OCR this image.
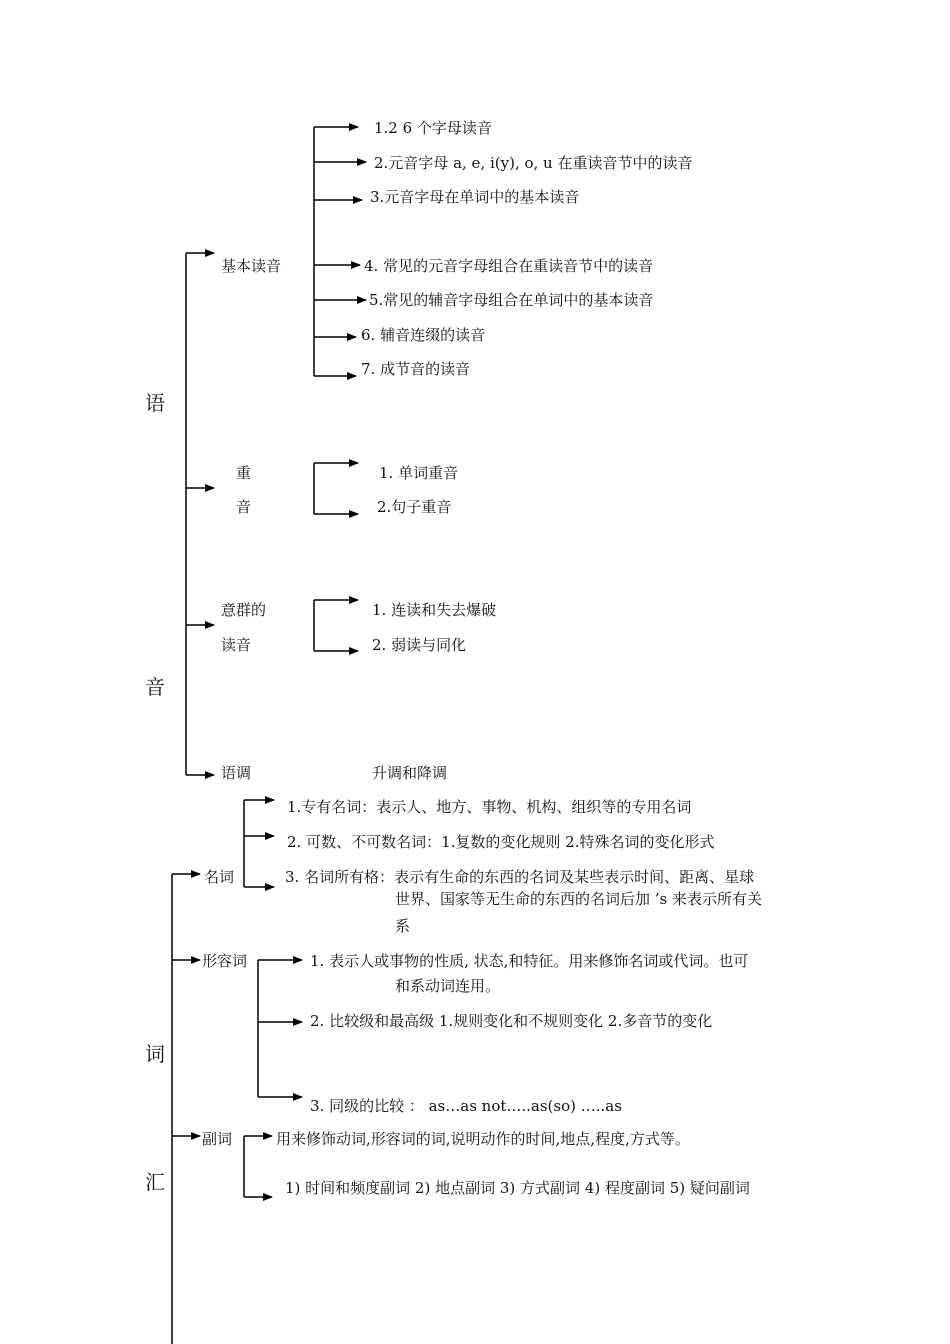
语
音
基本读音
1.2 6 个字母读音
2.元音字母 a, e, i(y), o, u 在重读音节中的读音
3.元音字母在单词中的基本读音
4. 常见的元音字母组合在重读音节中的读音
5.常见的辅音字母组合在单词中的基本读音
6. 辅音连缀的读音
7. 成节音的读音
重
音
1. 单词重音
2.句子重音
意群的
读音
1. 连读和失去爆破
2. 弱读与同化
语调	升调和降调
词
汇
名词
1.专有名词：表示人、地方、事物、机构、组织等的专用名词
2. 可数、不可数名词：1.复数的变化规则 2.特殊名词的变化形式
3. 名词所有格：表示有生命的东西的名词及某些表示时间、距离、星球
世界、国家等无生命的东西的名词后加 ’s 来表示所有关
系
形容词	1. 表示人或事物的性质, 状态,和特征。用来修饰名词或代词。也可
和系动词连用。
2. 比较级和最高级 1.规则变化和不规则变化 2.多音节的变化
3. 同级的比较 ： as…as not…..as(so) …..as
副词	用来修饰动词,形容词的词,说明动作的时间,地点,程度,方式等。
1) 时间和频度副词 2) 地点副词 3) 方式副词 4) 程度副词 5) 疑问副词
